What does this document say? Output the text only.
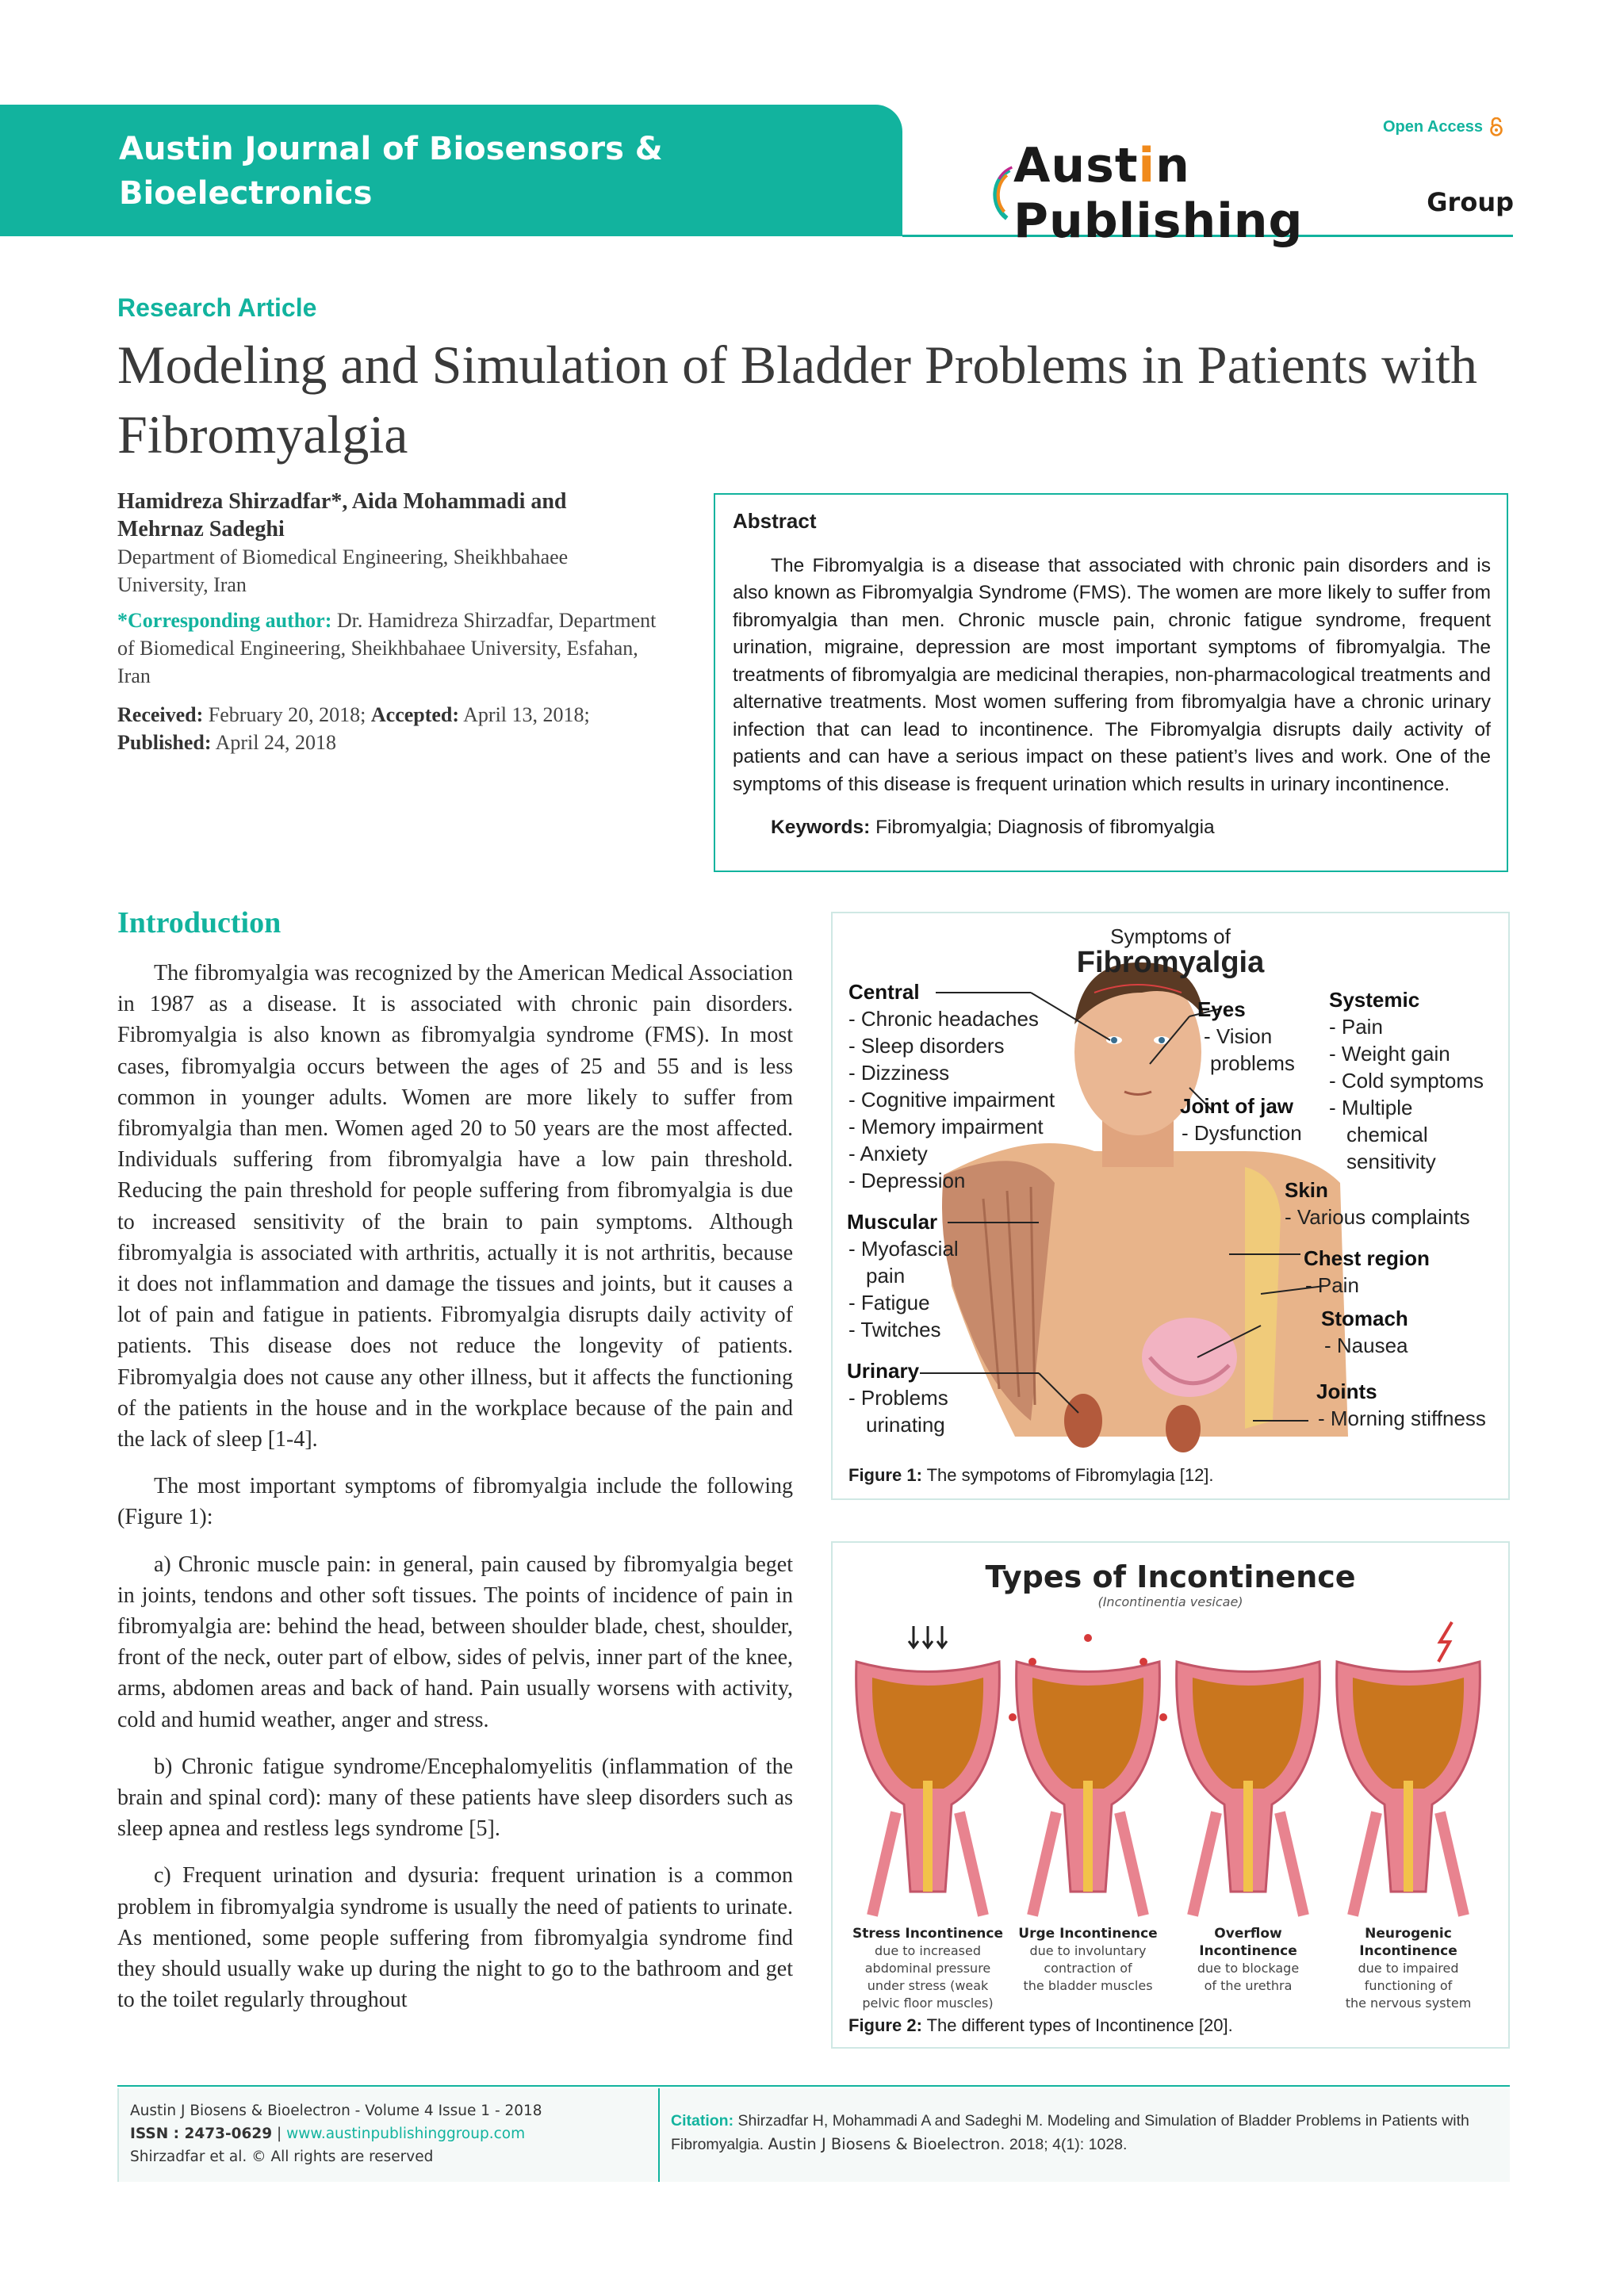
Austin Journal of Biosensors &
Bioelectronics
Open Access
Austin Publishing	Group
Research Article
Modeling and Simulation of Bladder Problems in Patients with Fibromyalgia
Hamidreza Shirzadfar*, Aida Mohammadi and Mehrnaz Sadeghi
Department of Biomedical Engineering, Sheikhbahaee University, Iran
*Corresponding author: Dr. Hamidreza Shirzadfar, Department of Biomedical Engineering, Sheikhbahaee University, Esfahan, Iran
Received: February 20, 2018; Accepted: April 13, 2018; Published: April 24, 2018
Abstract
The Fibromyalgia is a disease that associated with chronic pain disorders and is also known as Fibromyalgia Syndrome (FMS). The women are more likely to suffer from fibromyalgia than men. Chronic muscle pain, chronic fatigue syndrome, frequent urination, migraine, depression are most important symptoms of fibromyalgia. The treatments of fibromyalgia are medicinal therapies, non-pharmacological treatments and alternative treatments. Most women suffering from fibromyalgia have a chronic urinary infection that can lead to incontinence. The Fibromyalgia disrupts daily activity of patients and can have a serious impact on these patient’s lives and work. One of the symptoms of this disease is frequent urination which results in urinary incontinence.
Keywords: Fibromyalgia; Diagnosis of fibromyalgia
Introduction

The fibromyalgia was recognized by the American Medical Association in 1987 as a disease. It is associated with chronic pain disorders. Fibromyalgia is also known as fibromyalgia syndrome (FMS). In most cases, fibromyalgia occurs between the ages of 25 and 55 and is less common in younger adults. Women are more likely to suffer from fibromyalgia than men. Women aged 20 to 50 years are the most affected. Individuals suffering from fibromyalgia have a low pain threshold. Reducing the pain threshold for people suffering from fibromyalgia is due to increased sensitivity of the brain to pain symptoms. Although fibromyalgia is associated with arthritis, actually it is not arthritis, because it does not inflammation and damage the tissues and joints, but it causes a lot of pain and fatigue in patients. Fibromyalgia disrupts daily activity of patients. This disease does not reduce the longevity of patients. Fibromyalgia does not cause any other illness, but it affects the functioning of the patients in the house and in the workplace because of the pain and the lack of sleep [1-4].

The most important symptoms of fibromyalgia include the following (Figure 1):

a) Chronic muscle pain: in general, pain caused by fibromyalgia beget in joints, tendons and other soft tissues. The points of incidence of pain in fibromyalgia are: behind the head, between shoulder blade, chest, shoulder, front of the neck, outer part of elbow, sides of pelvis, inner part of the knee, arms, abdomen areas and back of hand. Pain usually worsens with activity, cold and humid weather, anger and stress.

b) Chronic fatigue syndrome/Encephalomyelitis (inflammation of the brain and spinal cord): many of these patients have sleep disorders such as sleep apnea and restless legs syndrome [5].

c) Frequent urination and dysuria: frequent urination is a common problem in fibromyalgia syndrome is usually the need of patients to urinate. As mentioned, some people suffering from fibromyalgia syndrome find they should usually wake up during the night to go to the bathroom and get to the toilet regularly throughout

Symptoms of
Fibromyalgia
Central
- Chronic headaches
- Sleep disorders
- Dizziness
- Cognitive impairment
- Memory impairment
- Anxiety
- Depression
Muscular
- Myofascial
pain
- Fatigue
- Twitches
Urinary
- Problems
urinating
Eyes
- Vision
problems
Joint of jaw
- Dysfunction
Systemic
- Pain
- Weight gain
- Cold symptoms
- Multiple
chemical
sensitivity
Skin
- Various complaints
Chest region
- Pain
Stomach
- Nausea
Joints
- Morning stiffness
Figure 1: The sympotoms of Fibromylagia [12].
Types of Incontinence
(Incontinentia vesicae)
Stress Incontinence
due to increased
abdominal pressure
under stress (weak
pelvic floor muscles)
Urge Incontinence
due to involuntary
contraction of
the bladder muscles
Overflow
Incontinence
due to blockage
of the urethra
Neurogenic
Incontinence
due to impaired
functioning of
the nervous system
Figure 2: The different types of Incontinence [20].
Austin J Biosens & Bioelectron - Volume 4 Issue 1 - 2018
ISSN : 2473-0629 | www.austinpublishinggroup.com
Shirzadfar et al. © All rights are reserved
Citation: Shirzadfar H, Mohammadi A and Sadeghi M. Modeling and Simulation of Bladder Problems in Patients with Fibromyalgia. Austin J Biosens & Bioelectron. 2018; 4(1): 1028.
